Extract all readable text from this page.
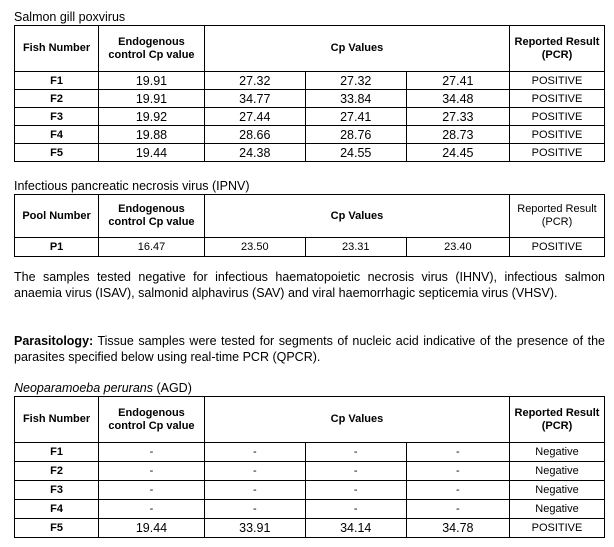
Salmon gill poxvirus
Fish Number	Endogenous control Cp value	Cp Values			Reported Result (PCR)
F1	19.91	27.32	27.32	27.41	POSITIVE
F2	19.91	34.77	33.84	34.48	POSITIVE
F3	19.92	27.44	27.41	27.33	POSITIVE
F4	19.88	28.66	28.76	28.73	POSITIVE
F5	19.44	24.38	24.55	24.45	POSITIVE
Infectious pancreatic necrosis virus (IPNV)
Pool Number	Endogenous control Cp value	Cp Values			Reported Result (PCR)
P1	16.47	23.50	23.31	23.40	POSITIVE
The samples tested negative for infectious haematopoietic necrosis virus (IHNV), infectious salmon anaemia virus (ISAV), salmonid alphavirus (SAV) and viral haemorrhagic septicemia virus (VHSV).
Parasitology: Tissue samples were tested for segments of nucleic acid indicative of the presence of the parasites specified below using real-time PCR (QPCR).
Neoparamoeba perurans (AGD)
Fish Number	Endogenous control Cp value	Cp Values			Reported Result (PCR)
F1	-	-	-	-	Negative
F2	-	-	-	-	Negative
F3	-	-	-	-	Negative
F4	-	-	-	-	Negative
F5	19.44	33.91	34.14	34.78	POSITIVE
